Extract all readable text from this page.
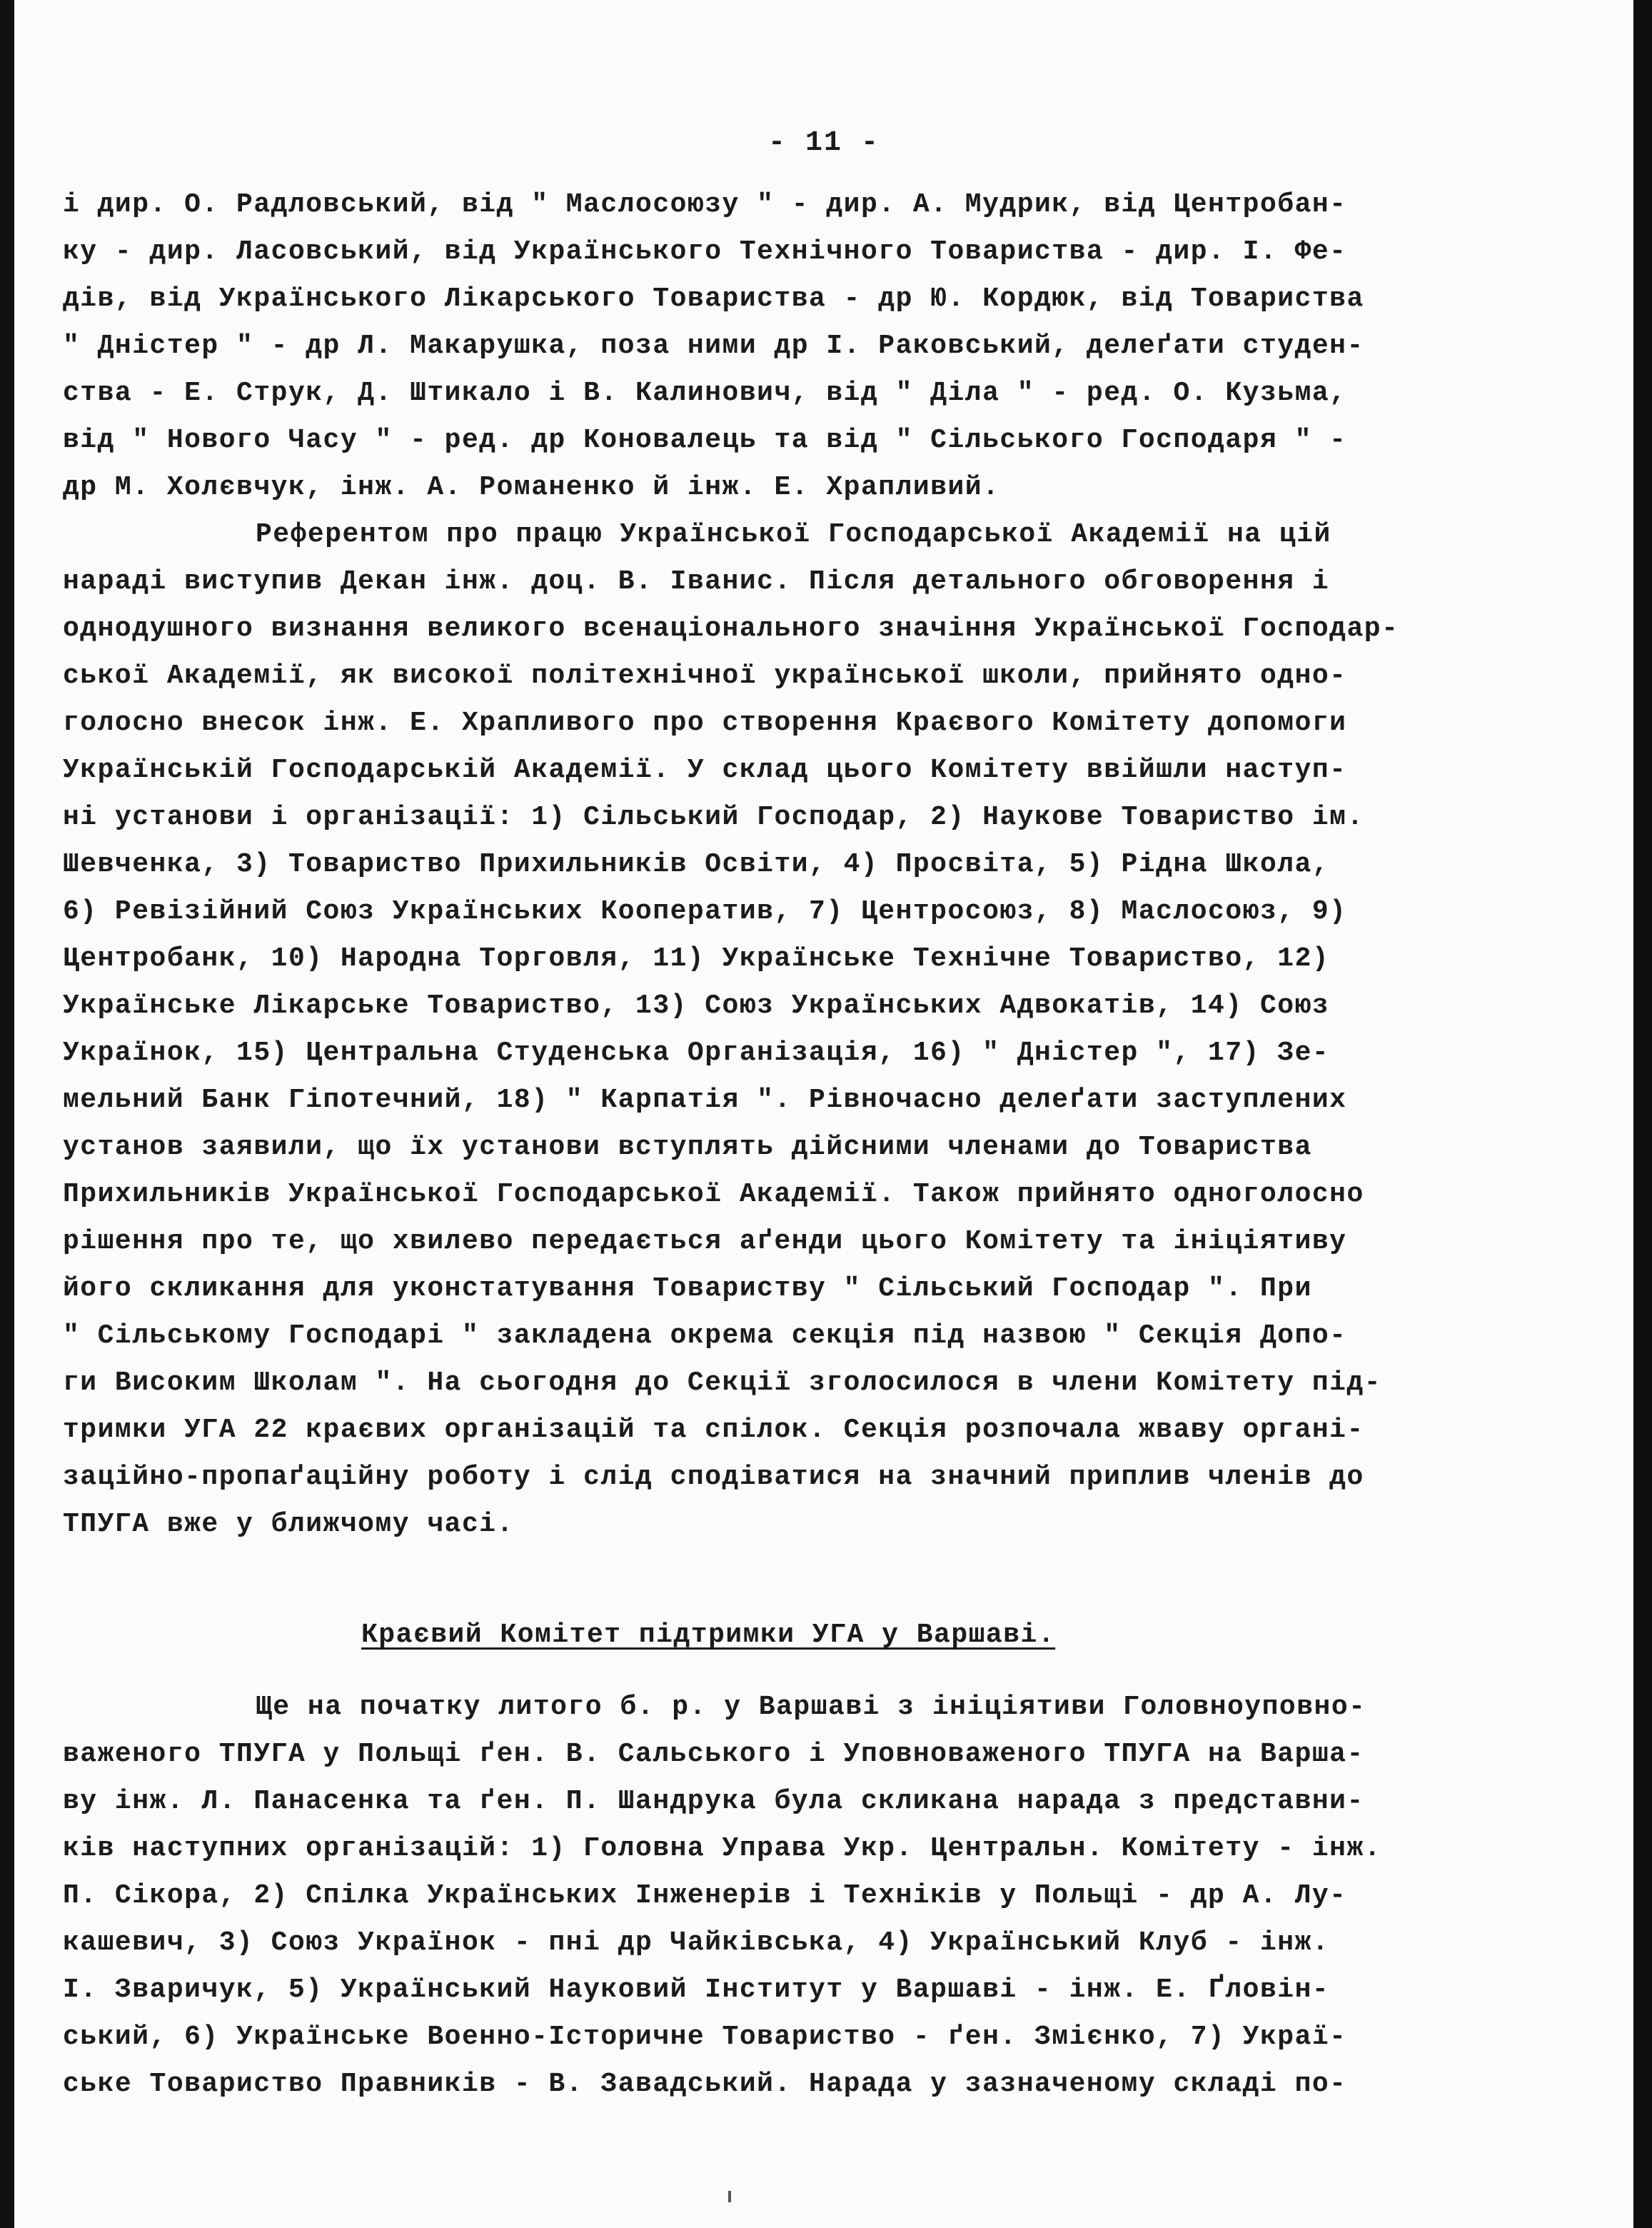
- 11 -
і дир. О. Радловський, від " Маслосоюзу " - дир. А. Мудрик, від Центробан-
ку - дир. Ласовський, від Українського Технічного Товариства - дир. І. Фе-
дів, від Українського Лікарського Товариства - др Ю. Кордюк, від Товариства
" Дністер " - др Л. Макарушка, поза ними др І. Раковський, делеґати студен-
ства - Е. Струк, Д. Штикало і В. Калинович, від " Діла " - ред. О. Кузьма,
від " Нового Часу " - ред. др Коновалець та від " Сільського Господаря " -
др М. Холєвчук, інж. А. Романенко й інж. Е. Храпливий.
Референтом про працю Української Господарської Академії на цій
нараді виступив Декан інж. доц. В. Іванис. Після детального обговорення і
однодушного визнання великого всенаціонального значіння Української Господар-
ської Академії, як високої політехнічної української школи, прийнято одно-
голосно внесок інж. Е. Храпливого про створення Краєвого Комітету допомоги
Українській Господарській Академії. У склад цього Комітету ввійшли наступ-
ні установи і організації: 1) Сільський Господар, 2) Наукове Товариство ім.
Шевченка, 3) Товариство Прихильників Освіти, 4) Просвіта, 5) Рідна Школа,
6) Ревізійний Союз Українських Кооператив, 7) Центросоюз, 8) Маслосоюз, 9)
Центробанк, 10) Народна Торговля, 11) Українське Технічне Товариство, 12)
Українське Лікарське Товариство, 13) Союз Українських Адвокатів, 14) Союз
Українок, 15) Центральна Студенська Організація, 16) " Дністер ", 17) Зе-
мельний Банк Гіпотечний, 18) " Карпатія ". Рівночасно делеґати заступлених
установ заявили, що їх установи вступлять дійсними членами до Товариства
Прихильників Української Господарської Академії. Також прийнято одноголосно
рішення про те, що хвилево передається аґенди цього Комітету та ініціятиву
його скликання для уконстатування Товариству " Сільський Господар ". При
" Сільському Господарі " закладена окрема секція під назвою " Секція Допо-
ги Високим Школам ". На сьогодня до Секції зголосилося в члени Комітету під-
тримки УГА 22 краєвих організацій та спілок. Секція розпочала жваву органі-
заційно-пропаґаційну роботу і слід сподіватися на значний приплив членів до
ТПУГА вже у ближчому часі.
Краєвий Комітет підтримки УГА у Варшаві.
Ще на початку литого б. р. у Варшаві з ініціятиви Головноуповно-
важеного ТПУГА у Польщі ґен. В. Сальського і Уповноваженого ТПУГА на Варша-
ву інж. Л. Панасенка та ґен. П. Шандрука була скликана нарада з представни-
ків наступних організацій: 1) Головна Управа Укр. Центральн. Комітету - інж.
П. Сікора, 2) Спілка Українських Інженерів і Техніків у Польщі - др А. Лу-
кашевич, 3) Союз Українок - пні др Чайківська, 4) Український Клуб - інж.
І. Зваричук, 5) Український Науковий Інститут у Варшаві - інж. Е. Ґловін-
ський, 6) Українське Военно-Історичне Товариство - ґен. Змієнко, 7) Украї-
ське Товариство Правників - В. Завадський. Нарада у зазначеному складі по-
